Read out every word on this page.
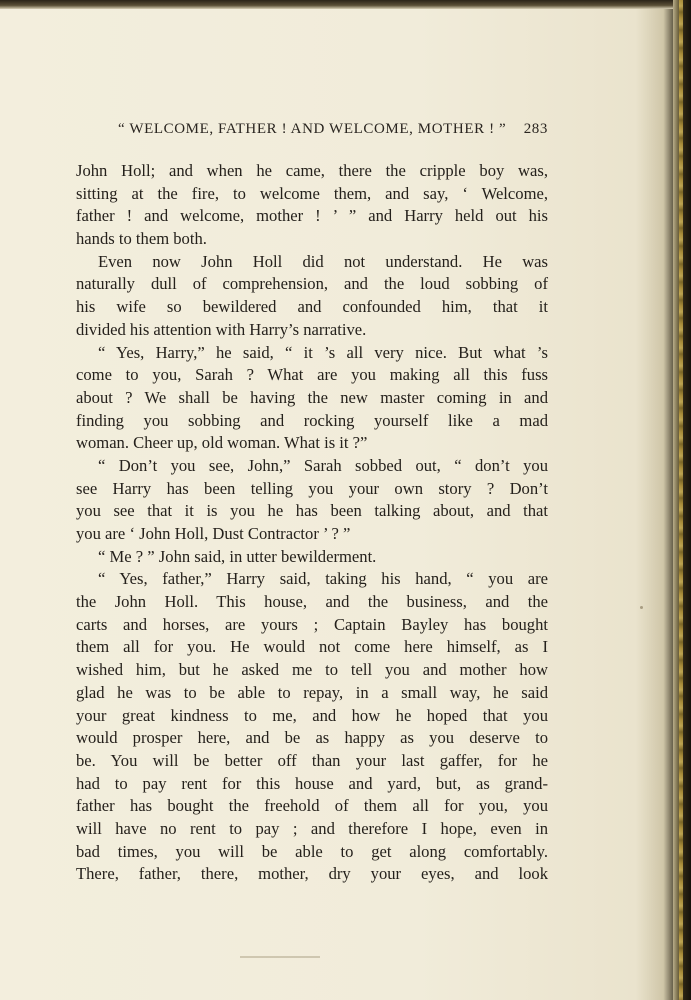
“ WELCOME, FATHER ! AND WELCOME, MOTHER ! ” 283
John Holl; and when he came, there the cripple boy was,
sitting at the fire, to welcome them, and say, ‘ Welcome,
father ! and welcome, mother ! ’ ” and Harry held out his
hands to them both.
Even now John Holl did not understand. He was
naturally dull of comprehension, and the loud sobbing of
his wife so bewildered and confounded him, that it
divided his attention with Harry’s narrative.
“ Yes, Harry,” he said, “ it ’s all very nice. But what ’s
come to you, Sarah ? What are you making all this fuss
about ? We shall be having the new master coming in and
finding you sobbing and rocking yourself like a mad
woman. Cheer up, old woman. What is it ?”
“ Don’t you see, John,” Sarah sobbed out, “ don’t you
see Harry has been telling you your own story ? Don’t
you see that it is you he has been talking about, and that
you are ‘ John Holl, Dust Contractor ’ ? ”
“ Me ? ” John said, in utter bewilderment.
“ Yes, father,” Harry said, taking his hand, “ you are
the John Holl. This house, and the business, and the
carts and horses, are yours ; Captain Bayley has bought
them all for you. He would not come here himself, as I
wished him, but he asked me to tell you and mother how
glad he was to be able to repay, in a small way, he said
your great kindness to me, and how he hoped that you
would prosper here, and be as happy as you deserve to
be. You will be better off than your last gaffer, for he
had to pay rent for this house and yard, but, as grand-
father has bought the freehold of them all for you, you
will have no rent to pay ; and therefore I hope, even in
bad times, you will be able to get along comfortably.
There, father, there, mother, dry your eyes, and look
